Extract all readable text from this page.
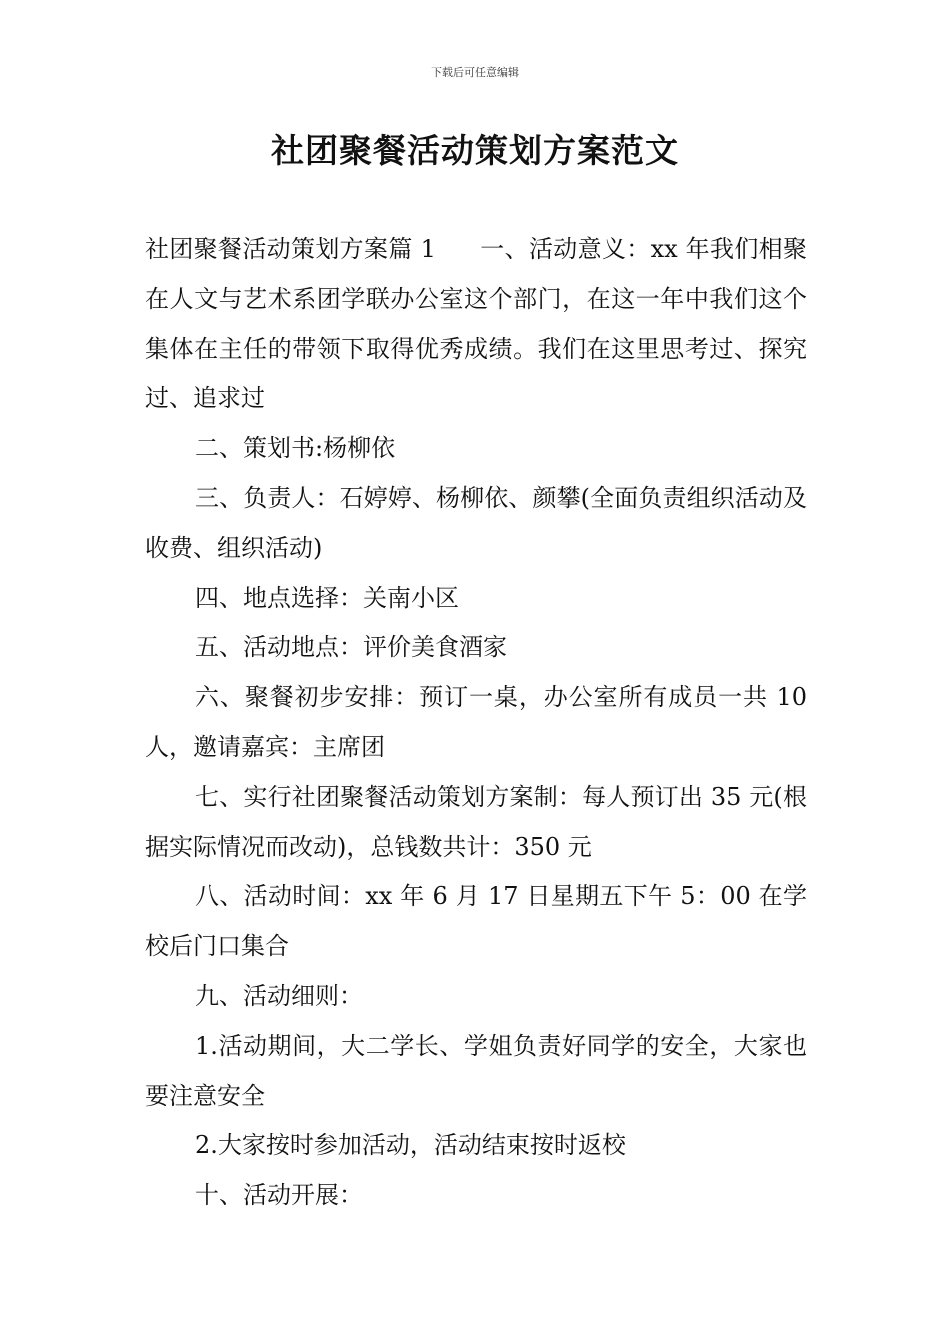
下载后可任意编辑
社团聚餐活动策划方案范文

社团聚餐活动策划方案篇 1 一、活动意义：xx 年我们相聚在人文与艺术系团学联办公室这个部门，在这一年中我们这个集体在主任的带领下取得优秀成绩。我们在这里思考过、探究过、追求过

二、策划书:杨柳依

三、负责人：石婷婷、杨柳依、颜攀(全面负责组织活动及收费、组织活动)

四、地点选择：关南小区

五、活动地点：评价美食酒家

六、聚餐初步安排：预订一桌，办公室所有成员一共 10 人，邀请嘉宾：主席团

七、实行社团聚餐活动策划方案制：每人预订出 35 元(根据实际情况而改动)，总钱数共计：350 元

八、活动时间：xx 年 6 月 17 日星期五下午 5：00 在学校后门口集合

九、活动细则：

1.活动期间，大二学长、学姐负责好同学的安全，大家也要注意安全

2.大家按时参加活动，活动结束按时返校

十、活动开展：
